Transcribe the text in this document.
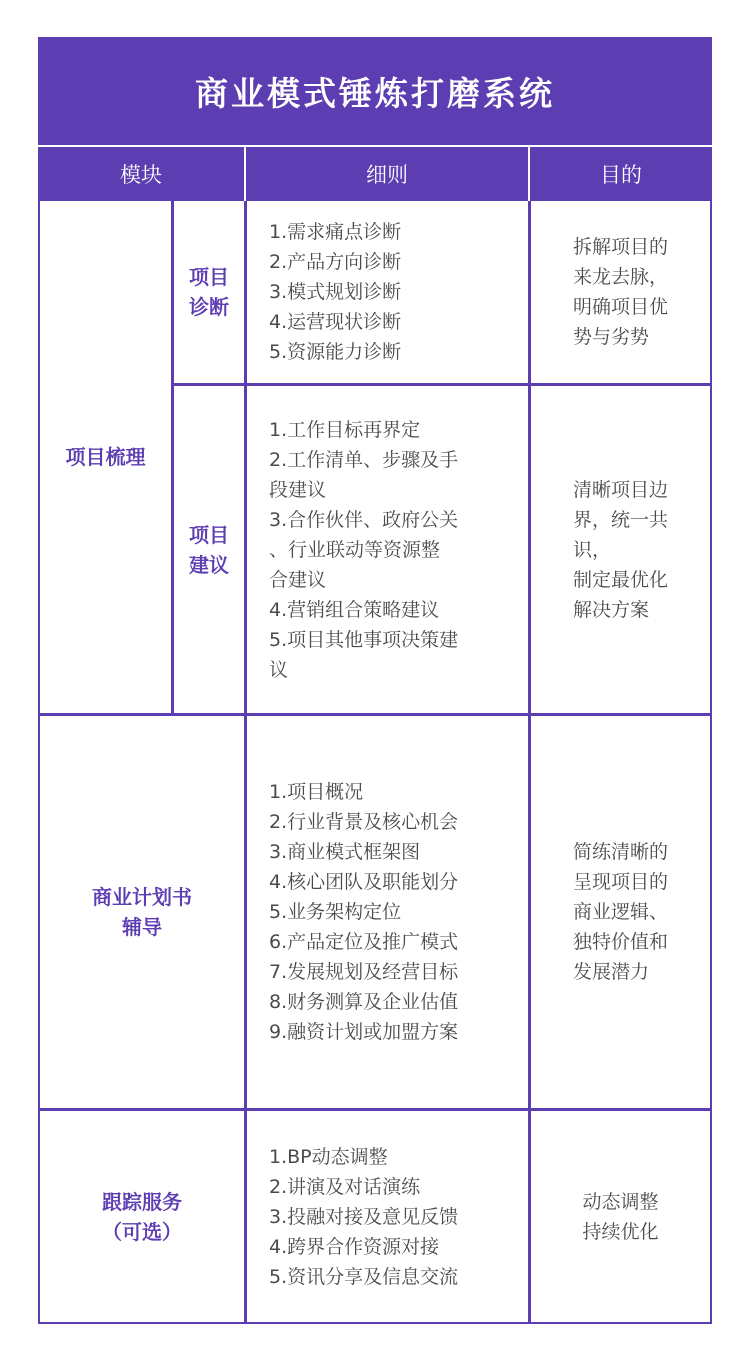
商业模式锤炼打磨系统
模块	细则	目的
项目梳理
项目诊断
1.需求痛点诊断
2.产品方向诊断
3.模式规划诊断
4.运营现状诊断
5.资源能力诊断
拆解项目的
来龙去脉，
明确项目优
势与劣势
项目建议
1.工作目标再界定
2.工作清单、步骤及手
段建议
3.合作伙伴、政府公关
、行业联动等资源整
合建议
4.营销组合策略建议
5.项目其他事项决策建
议
清晰项目边
界，统一共
识，
制定最优化
解决方案
商业计划书
辅导
1.项目概况
2.行业背景及核心机会
3.商业模式框架图
4.核心团队及职能划分
5.业务架构定位
6.产品定位及推广模式
7.发展规划及经营目标
8.财务测算及企业估值
9.融资计划或加盟方案
简练清晰的
呈现项目的
商业逻辑、
独特价值和
发展潜力
跟踪服务
（可选）
1.BP动态调整
2.讲演及对话演练
3.投融对接及意见反馈
4.跨界合作资源对接
5.资讯分享及信息交流
动态调整
持续优化
